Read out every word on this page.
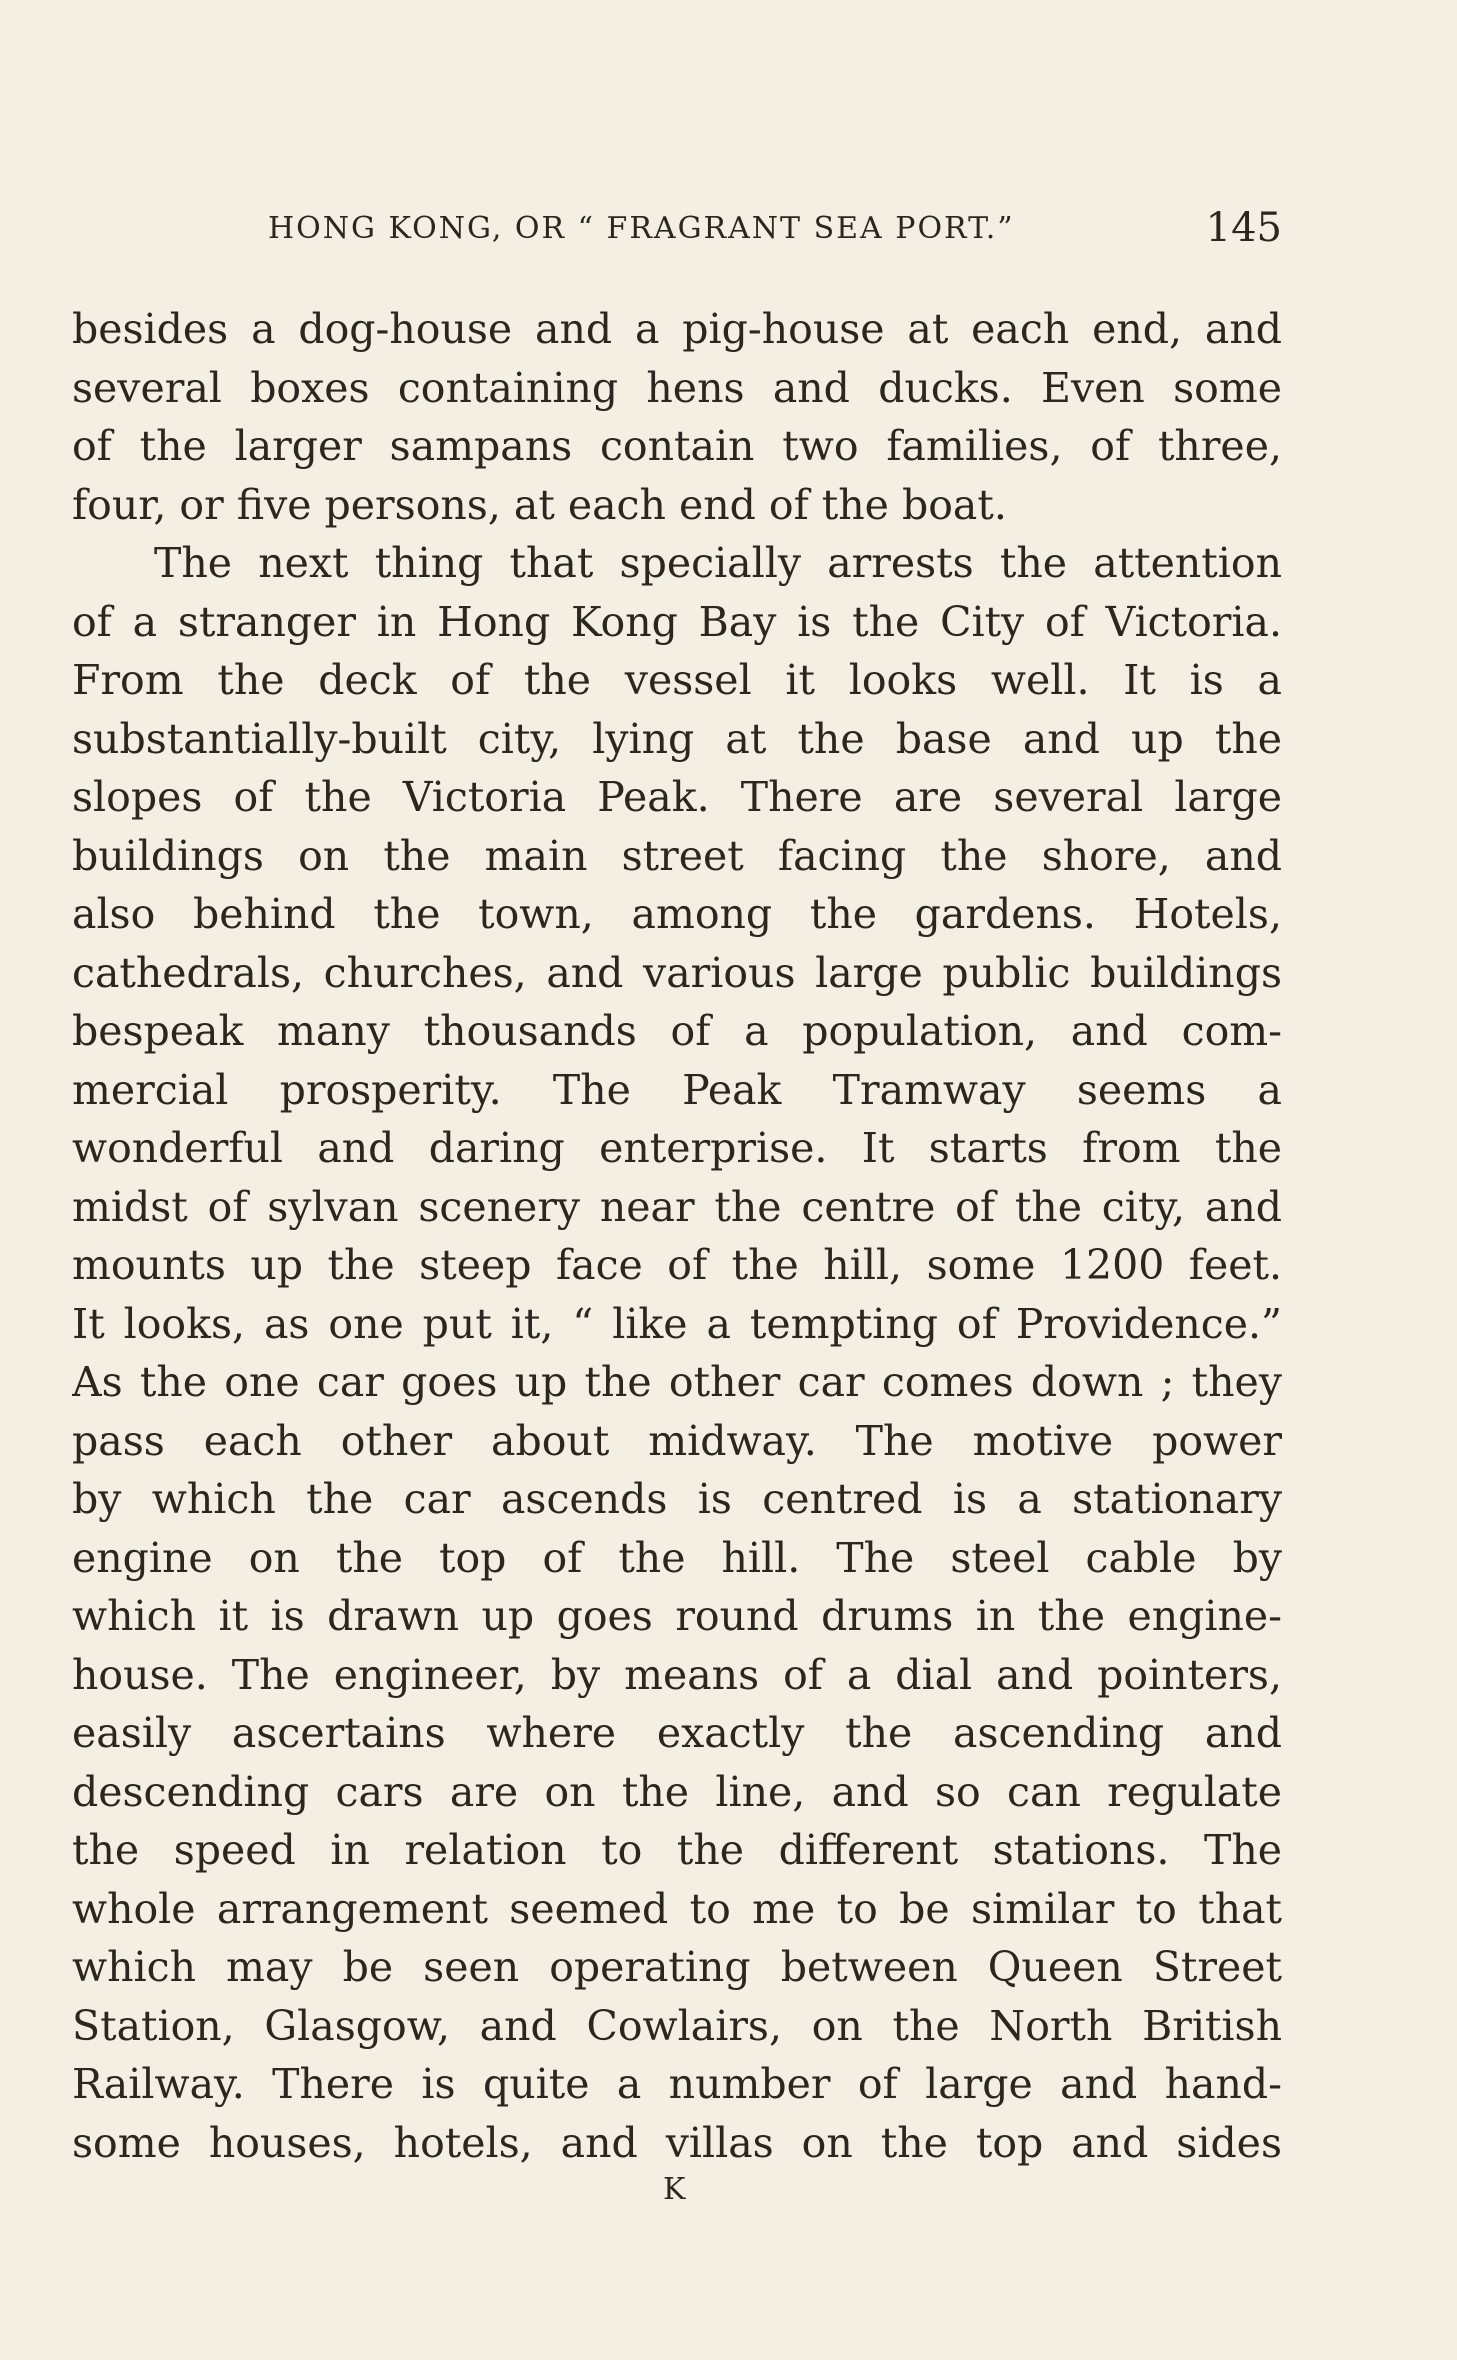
HONG KONG, OR “ FRAGRANT SEA PORT.”	145
besides a dog-house and a pig-house at each end, and
several boxes containing hens and ducks. Even some
of the larger sampans contain two families, of three,
four, or five persons, at each end of the boat.
The next thing that specially arrests the attention
of a stranger in Hong Kong Bay is the City of Victoria.
From the deck of the vessel it looks well. It is a
substantially-built city, lying at the base and up the
slopes of the Victoria Peak. There are several large
buildings on the main street facing the shore, and
also behind the town, among the gardens. Hotels,
cathedrals, churches, and various large public buildings
bespeak many thousands of a population, and com-
mercial prosperity. The Peak Tramway seems a
wonderful and daring enterprise. It starts from the
midst of sylvan scenery near the centre of the city, and
mounts up the steep face of the hill, some 1200 feet.
It looks, as one put it, “ like a tempting of Providence.”
As the one car goes up the other car comes down ; they
pass each other about midway. The motive power
by which the car ascends is centred is a stationary
engine on the top of the hill. The steel cable by
which it is drawn up goes round drums in the engine-
house. The engineer, by means of a dial and pointers,
easily ascertains where exactly the ascending and
descending cars are on the line, and so can regulate
the speed in relation to the different stations. The
whole arrangement seemed to me to be similar to that
which may be seen operating between Queen Street
Station, Glasgow, and Cowlairs, on the North British
Railway. There is quite a number of large and hand-
some houses, hotels, and villas on the top and sides
K
